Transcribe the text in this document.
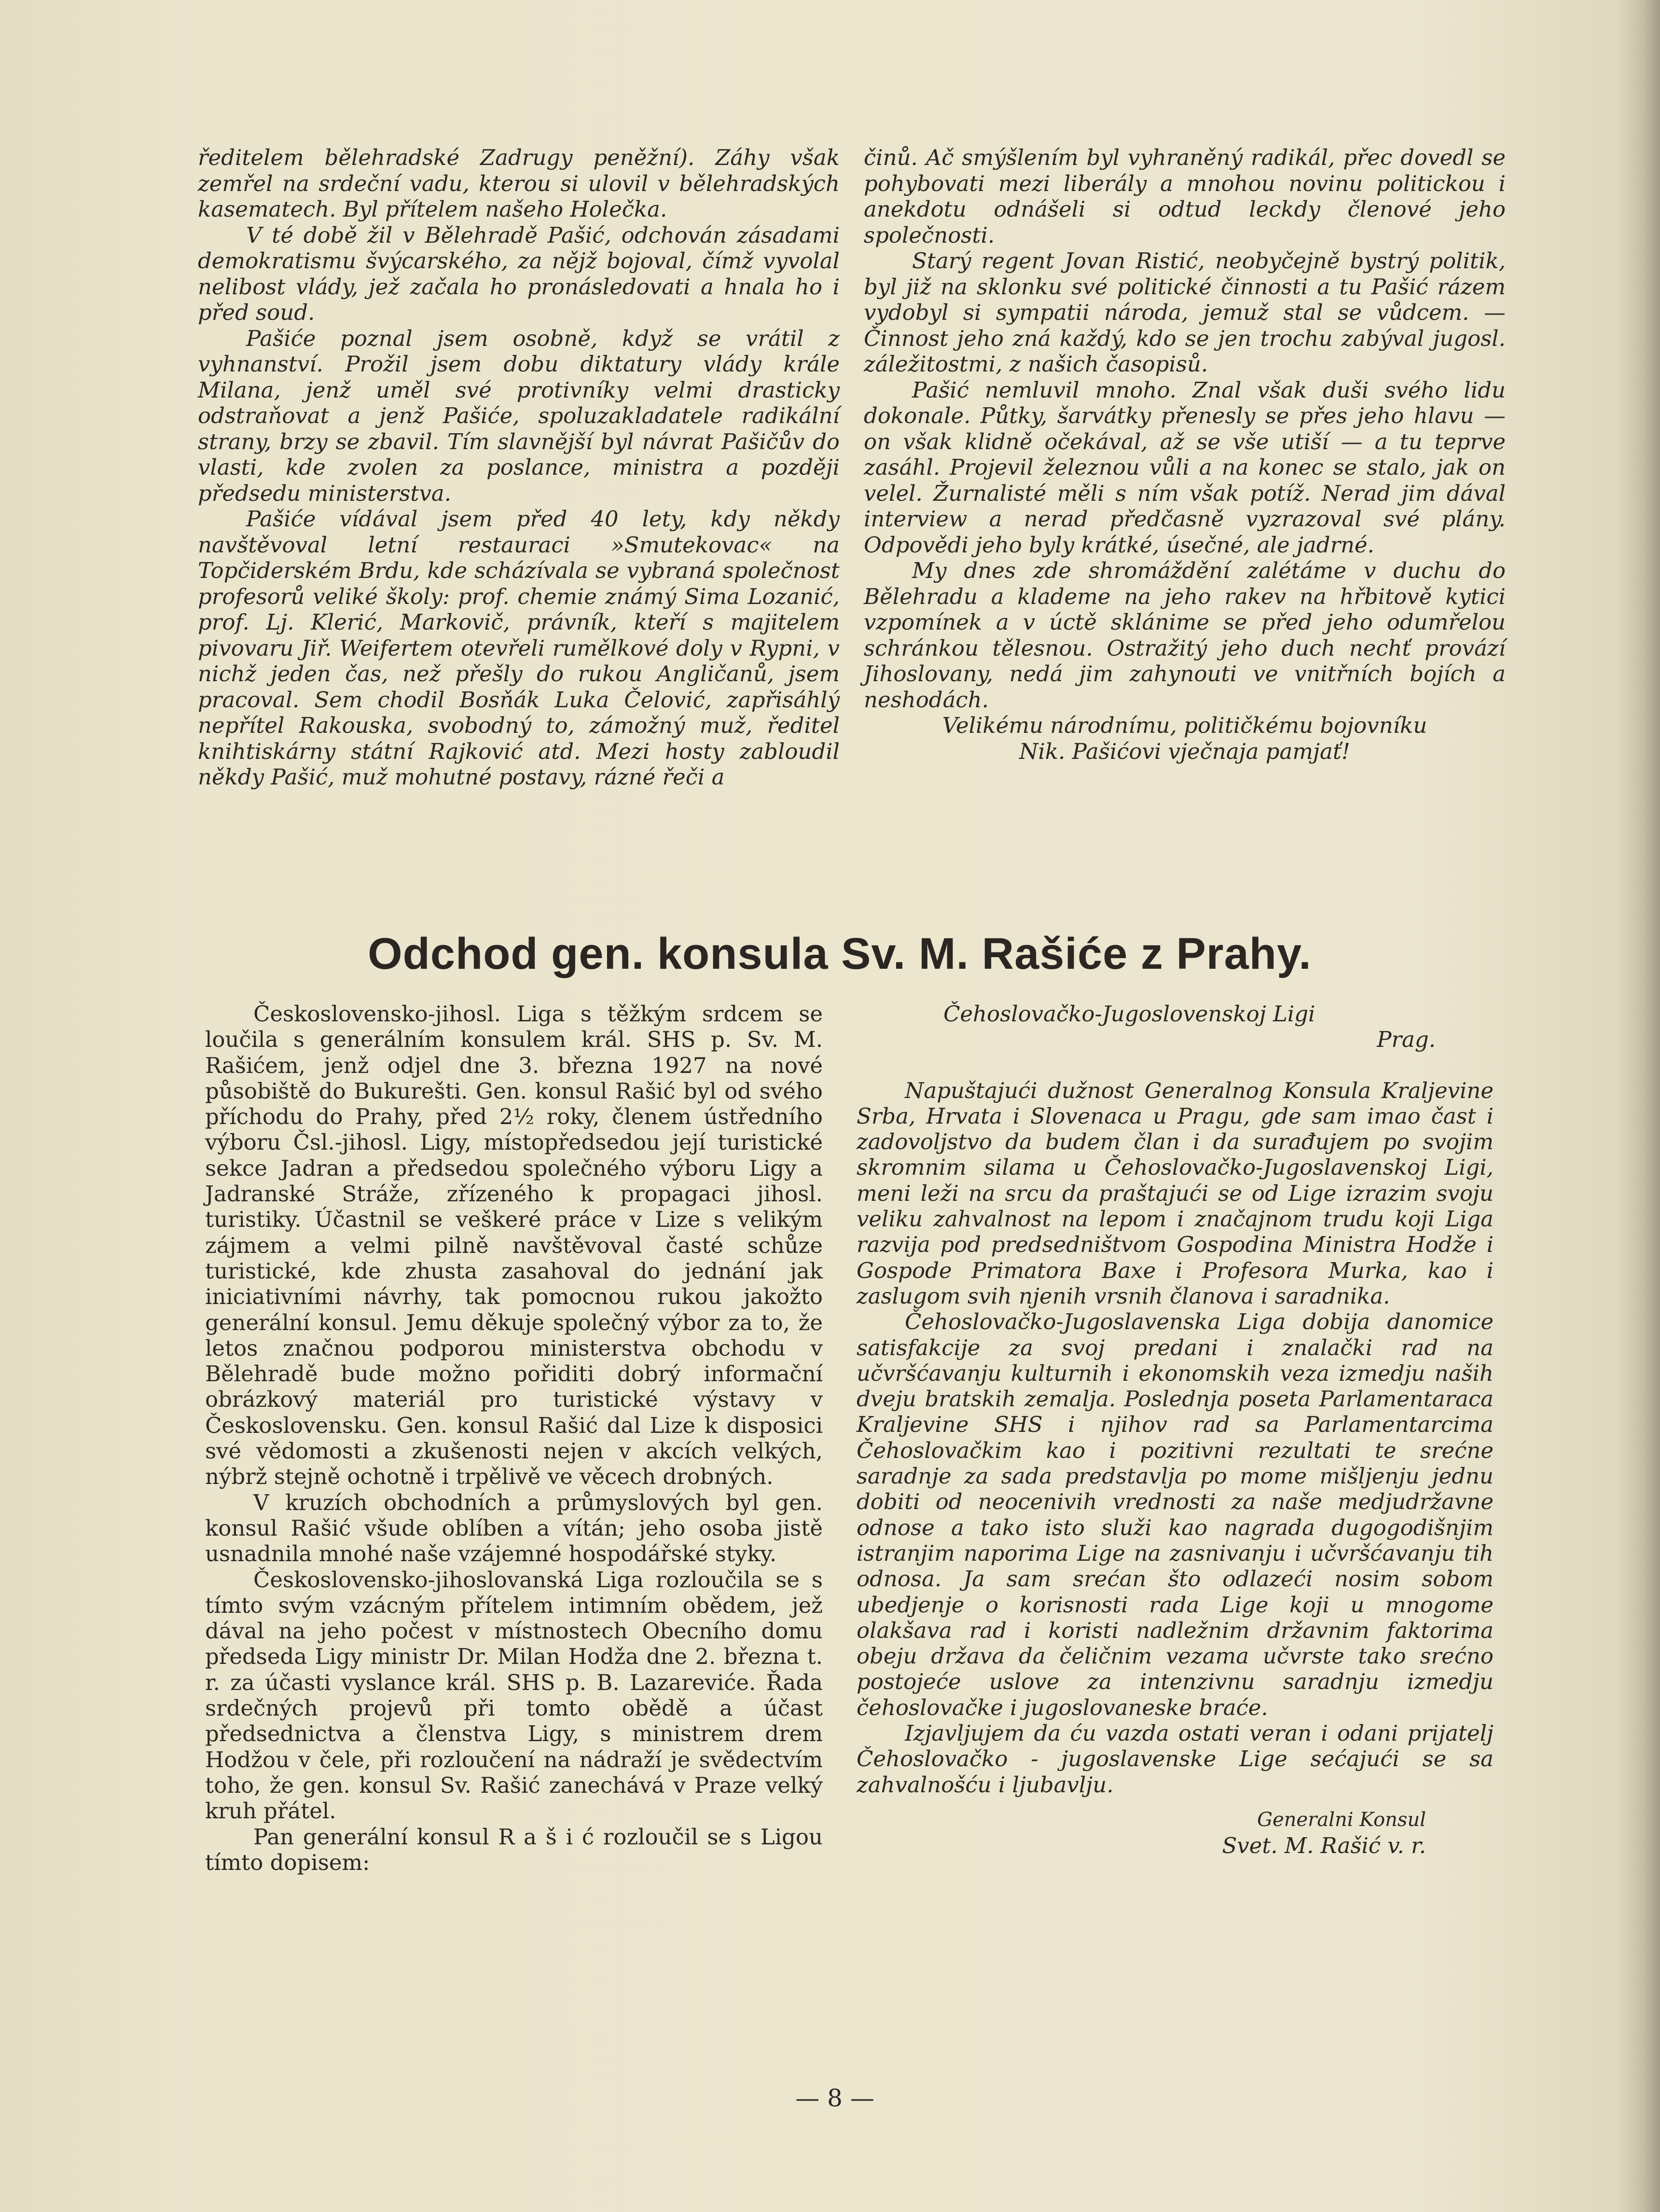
ředitelem bělehradské Zadrugy peněžní). Záhy však zemřel na srdeční vadu, kterou si ulovil v bělehradských kasematech. Byl přítelem našeho Holečka.

V té době žil v Bělehradě Pašić, odchován zásadami demokratismu švýcarského, za nějž bojoval, čímž vyvolal nelibost vlády, jež začala ho pronásledovati a hnala ho i před soud.

Pašiće poznal jsem osobně, když se vrátil z vyhnanství. Prožil jsem dobu diktatury vlády krále Milana, jenž uměl své protivníky velmi drasticky odstraňovat a jenž Pašiće, spoluzakladatele radikální strany, brzy se zbavil. Tím slavnější byl návrat Pašičův do vlasti, kde zvolen za poslance, ministra a později předsedu ministerstva.

Pašiće vídával jsem před 40 lety, kdy někdy navštěvoval letní restauraci »Smutekovac« na Topčiderském Brdu, kde scházívala se vybraná společnost profesorů veliké školy: prof. chemie známý Sima Lozanić, prof. Lj. Klerić, Markovič, právník, kteří s majitelem pivovaru Jiř. Weifertem otevřeli rumělkové doly v Rypni, v nichž jeden čas, než přešly do rukou Angličanů, jsem pracoval. Sem chodil Bosňák Luka Čelović, zapřisáhlý nepřítel Rakouska, svobodný to, zámožný muž, ředitel knihtiskárny státní Rajković atd. Mezi hosty zabloudil někdy Pašić, muž mohutné postavy, rázné řeči a

činů. Ač smýšlením byl vyhraněný radikál, přec dovedl se pohybovati mezi liberály a mnohou novinu politickou i anekdotu odnášeli si odtud leckdy členové jeho společnosti.

Starý regent Jovan Ristić, neobyčejně bystrý politik, byl již na sklonku své politické činnosti a tu Pašić rázem vydobyl si sympatii národa, jemuž stal se vůdcem. — Činnost jeho zná každý, kdo se jen trochu zabýval jugosl. záležitostmi, z našich časopisů.

Pašić nemluvil mnoho. Znal však duši svého lidu dokonale. Půtky, šarvátky přenesly se přes jeho hlavu — on však klidně očekával, až se vše utiší — a tu teprve zasáhl. Projevil železnou vůli a na konec se stalo, jak on velel. Žurnalisté měli s ním však potíž. Nerad jim dával interview a nerad předčasně vyzrazoval své plány. Odpovědi jeho byly krátké, úsečné, ale jadrné.

My dnes zde shromáždění zalétáme v duchu do Bělehradu a klademe na jeho rakev na hřbitově kytici vzpomínek a v úctě sklánime se před jeho odumřelou schránkou tělesnou. Ostražitý jeho duch nechť provází Jihoslovany, nedá jim zahynouti ve vnitřních bojích a neshodách.

Velikému národnímu, političkému bojovníku

Nik. Pašićovi vječnaja pamjať!

Odchod gen. konsula Sv. M. Rašiće z Prahy.

Československo-jihosl. Liga s těžkým srdcem se loučila s generálním konsulem král. SHS p. Sv. M. Rašićem, jenž odjel dne 3. března 1927 na nové působiště do Bukurešti. Gen. konsul Rašić byl od svého příchodu do Prahy, před 2½ roky, členem ústředního výboru Čsl.-jihosl. Ligy, místopředsedou její turistické sekce Jadran a předsedou společného výboru Ligy a Jadranské Stráže, zřízeného k propagaci jihosl. turistiky. Účastnil se veškeré práce v Lize s velikým zájmem a velmi pilně navštěvoval časté schůze turistické, kde zhusta zasahoval do jednání jak iniciativními návrhy, tak pomocnou rukou jakožto generální konsul. Jemu děkuje společný výbor za to, že letos značnou podporou ministerstva obchodu v Bělehradě bude možno pořiditi dobrý informační obrázkový materiál pro turistické výstavy v Československu. Gen. konsul Rašić dal Lize k disposici své vědomosti a zkušenosti nejen v akcích velkých, nýbrž stejně ochotně i trpělivě ve věcech drobných.

V kruzích obchodních a průmyslových byl gen. konsul Rašić všude oblíben a vítán; jeho osoba jistě usnadnila mnohé naše vzájemné hospodářské styky.

Československo-jihoslovanská Liga rozloučila se s tímto svým vzácným přítelem intimním obědem, jež dával na jeho počest v místnostech Obecního domu předseda Ligy ministr Dr. Milan Hodža dne 2. března t. r. za účasti vyslance král. SHS p. B. Lazareviće. Řada srdečných projevů při tomto obědě a účast předsednictva a členstva Ligy, s ministrem drem Hodžou v čele, při rozloučení na nádraží je svědectvím toho, že gen. konsul Sv. Rašić zanechává v Praze velký kruh přátel.

Pan generální konsul R a š i ć rozloučil se s Ligou tímto dopisem:

Čehoslovačko-Jugoslovenskoj Ligi

Prag.

Napuštajući dužnost Generalnog Konsula Kraljevine Srba, Hrvata i Slovenaca u Pragu, gde sam imao čast i zadovoljstvo da budem član i da surađujem po svojim skromnim silama u Čehoslovačko-Jugoslavenskoj Ligi, meni leži na srcu da praštajući se od Lige izrazim svoju veliku zahvalnost na lepom i značajnom trudu koji Liga razvija pod predsedništvom Gospodina Ministra Hodže i Gospode Primatora Baxe i Profesora Murka, kao i zaslugom svih njenih vrsnih članova i saradnika.

Čehoslovačko-Jugoslavenska Liga dobija danomice satisfakcije za svoj predani i znalački rad na učvršćavanju kulturnih i ekonomskih veza izmedju naših dveju bratskih zemalja. Poslednja poseta Parlamentaraca Kraljevine SHS i njihov rad sa Parlamentarcima Čehoslovačkim kao i pozitivni rezultati te srećne saradnje za sada predstavlja po mome mišljenju jednu dobiti od neocenivih vrednosti za naše medjudržavne odnose a tako isto služi kao nagrada dugogodišnjim istranjim naporima Lige na zasnivanju i učvršćavanju tih odnosa. Ja sam srećan što odlazeći nosim sobom ubedjenje o korisnosti rada Lige koji u mnogome olakšava rad i koristi nadležnim državnim faktorima obeju država da čeličnim vezama učvrste tako srećno postojeće uslove za intenzivnu saradnju izmedju čehoslovačke i jugoslovaneske braće.

Izjavljujem da ću vazda ostati veran i odani prijatelj Čehoslovačko - jugoslavenske Lige sećajući se sa zahvalnošću i ljubavlju.

Generalni Konsul

Svet. M. Rašić v. r.

— 8 —
